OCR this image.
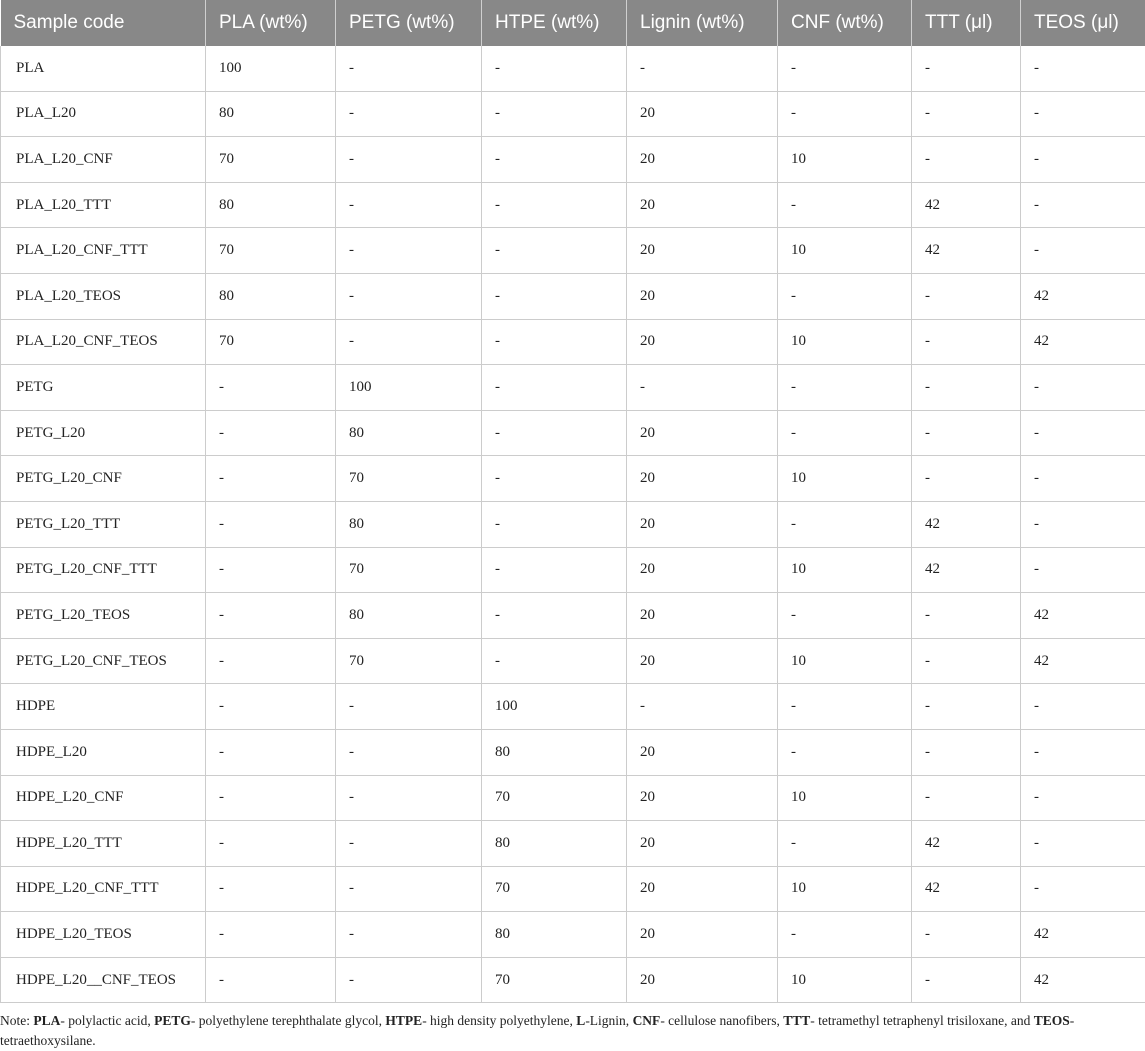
Sample code	PLA (wt%)	PETG (wt%)	HTPE (wt%)	Lignin (wt%)	CNF (wt%)	TTT (μl)	TEOS (μl)
PLA	100	-	-	-	-	-	-
PLA_L20	80	-	-	20	-	-	-
PLA_L20_CNF	70	-	-	20	10	-	-
PLA_L20_TTT	80	-	-	20	-	42	-
PLA_L20_CNF_TTT	70	-	-	20	10	42	-
PLA_L20_TEOS	80	-	-	20	-	-	42
PLA_L20_CNF_TEOS	70	-	-	20	10	-	42
PETG	-	100	-	-	-	-	-
PETG_L20	-	80	-	20	-	-	-
PETG_L20_CNF	-	70	-	20	10	-	-
PETG_L20_TTT	-	80	-	20	-	42	-
PETG_L20_CNF_TTT	-	70	-	20	10	42	-
PETG_L20_TEOS	-	80	-	20	-	-	42
PETG_L20_CNF_TEOS	-	70	-	20	10	-	42
HDPE	-	-	100	-	-	-	-
HDPE_L20	-	-	80	20	-	-	-
HDPE_L20_CNF	-	-	70	20	10	-	-
HDPE_L20_TTT	-	-	80	20	-	42	-
HDPE_L20_CNF_TTT	-	-	70	20	10	42	-
HDPE_L20_TEOS	-	-	80	20	-	-	42
HDPE_L20__CNF_TEOS	-	-	70	20	10	-	42
Note: PLA- polylactic acid, PETG- polyethylene terephthalate glycol, HTPE- high density polyethylene, L-Lignin, CNF- cellulose nanofibers, TTT- tetramethyl tetraphenyl trisiloxane, and TEOS- tetraethoxysilane.
